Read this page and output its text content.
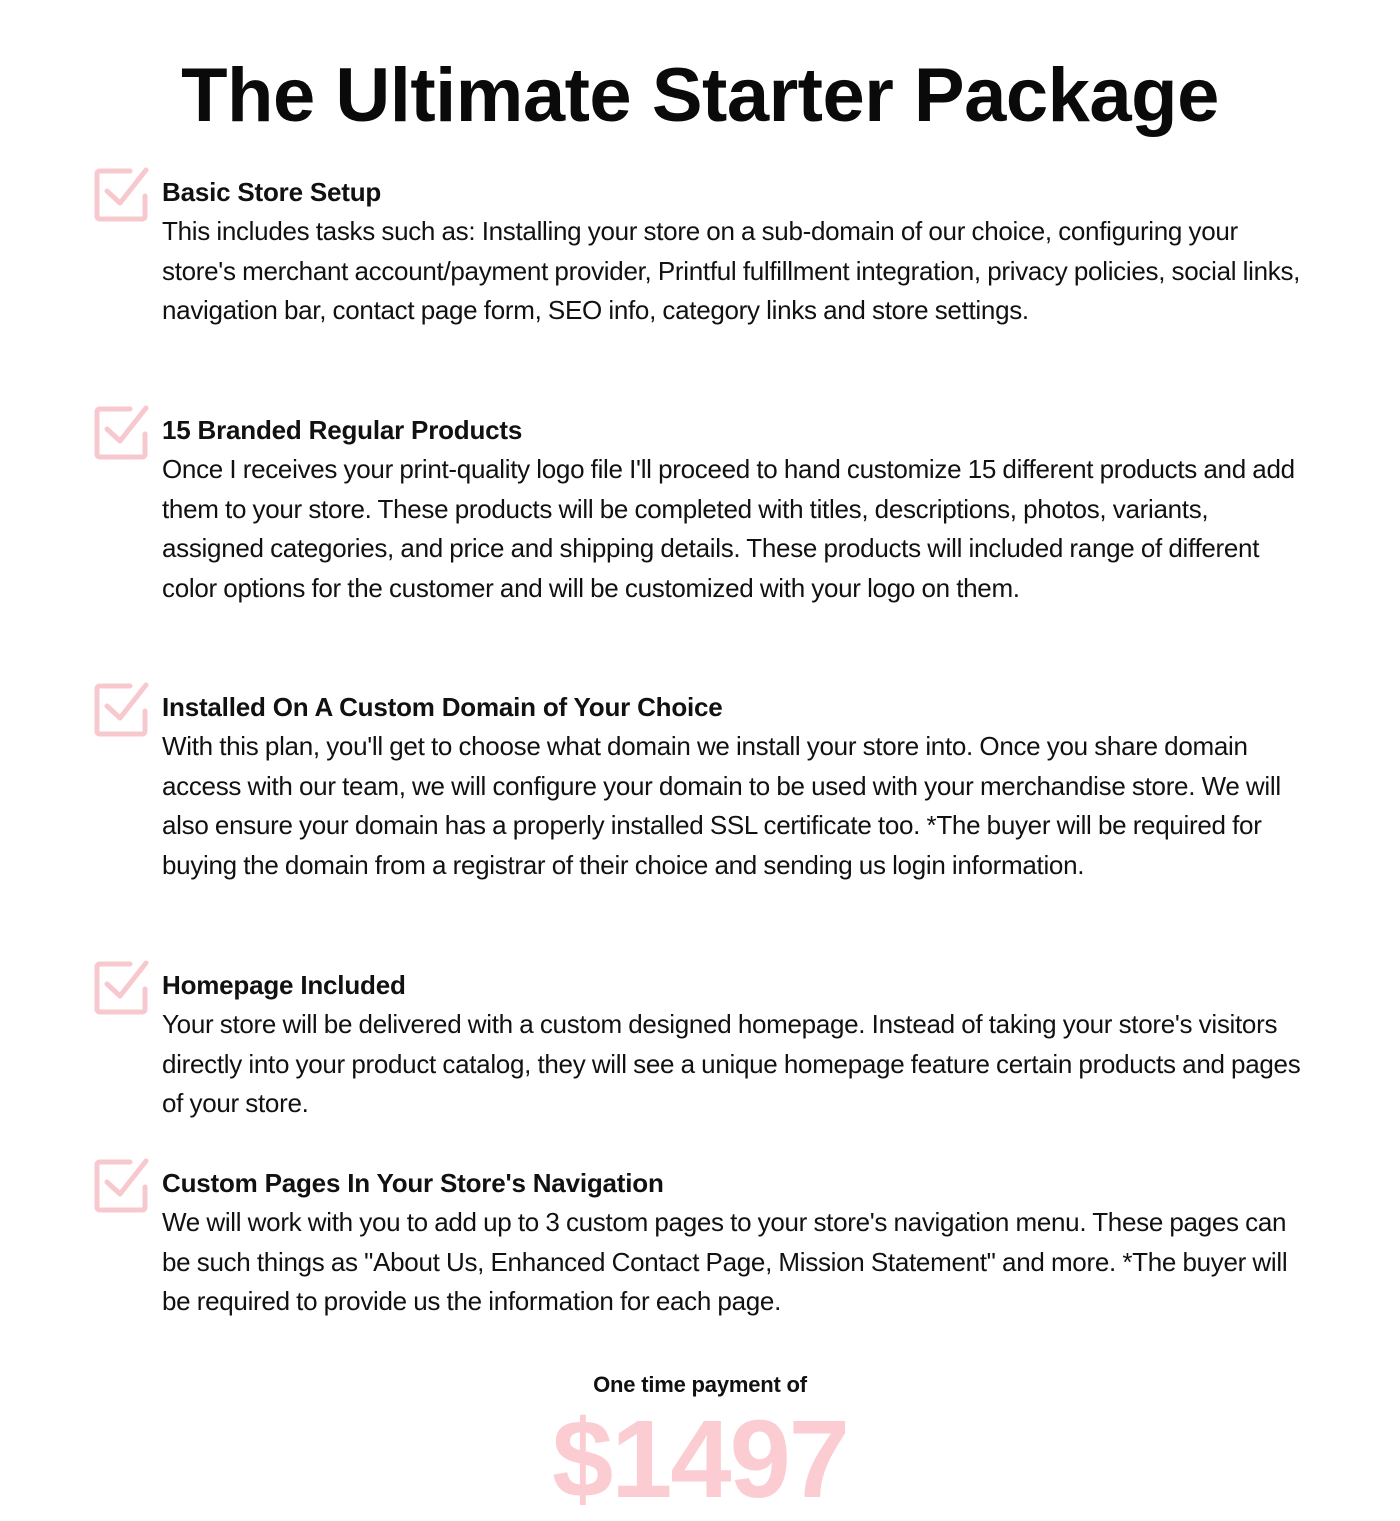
The Ultimate Starter Package
Basic Store Setup

This includes tasks such as: Installing your store on a sub-domain of our choice, configuring your store's merchant account/payment provider, Printful fulfillment integration, privacy policies, social links, navigation bar, contact page form, SEO info, category links and store settings.

15 Branded Regular Products

Once I receives your print-quality logo file I'll proceed to hand customize 15 different products and add them to your store. These products will be completed with titles, descriptions, photos, variants, assigned categories, and price and shipping details. These products will included range of different color options for the customer and will be customized with your logo on them.

Installed On A Custom Domain of Your Choice

With this plan, you'll get to choose what domain we install your store into. Once you share domain access with our team, we will configure your domain to be used with your merchandise store. We will also ensure your domain has a properly installed SSL certificate too. *The buyer will be required for buying the domain from a registrar of their choice and sending us login information.

Homepage Included

Your store will be delivered with a custom designed homepage. Instead of taking your store's visitors directly into your product catalog, they will see a unique homepage feature certain products and pages of your store.

Custom Pages In Your Store's Navigation

We will work with you to add up to 3 custom pages to your store's navigation menu. These pages can be such things as "About Us, Enhanced Contact Page, Mission Statement" and more. *The buyer will be required to provide us the information for each page.

One time payment of

$1497
